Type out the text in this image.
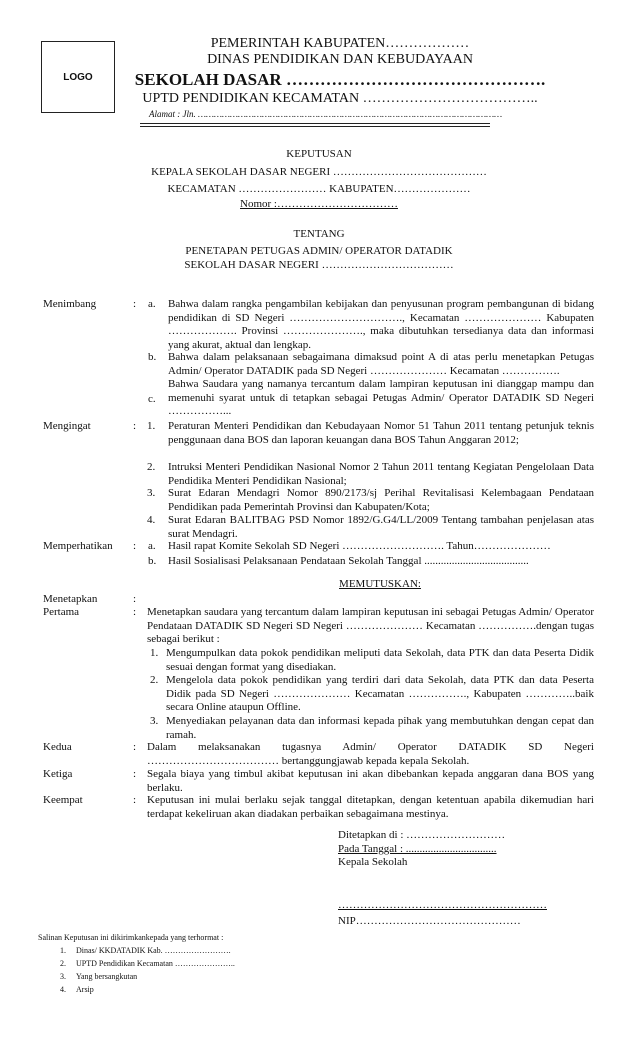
LOGO
PEMERINTAH KABUPATEN………………
DINAS PENDIDIKAN DAN KEBUDAYAAN
SEKOLAH DASAR ……………………………………….
UPTD PENDIDIKAN KECAMATAN ………………………………..
Alamat : Jln. ……………………………………………………………………………………………………
KEPUTUSAN
KEPALA SEKOLAH DASAR NEGERI ……………………………………
KECAMATAN …………………… KABUPATEN…………………
Nomor :……………………………
TENTANG
PENETAPAN PETUGAS ADMIN/ OPERATOR DATADIK
SEKOLAH DASAR NEGERI ………………………………
Menimbang	: a. Bahwa dalam rangka pengambilan kebijakan dan penyusunan program pembangunan di bidang pendidikan di SD Negeri …………………………., Kecamatan ………………… Kabupaten ………………. Provinsi …………………., maka dibutuhkan tersedianya data dan informasi yang akurat, aktual dan lengkap.
b. Bahwa dalam pelaksanaan sebagaimana dimaksud point A di atas perlu menetapkan Petugas Admin/ Operator DATADIK pada SD Negeri ………………… Kecamatan …………….
c.
Bahwa Saudara yang namanya tercantum dalam lampiran keputusan ini dianggap mampu dan memenuhi syarat untuk di tetapkan sebagai Petugas Admin/ Operator DATADIK SD Negeri ……………...
Mengingat	: 1. Peraturan Menteri Pendidikan dan Kebudayaan Nomor 51 Tahun 2011 tentang petunjuk teknis penggunaan dana BOS dan laporan keuangan dana BOS Tahun Anggaran 2012;
2. Intruksi Menteri Pendidikan Nasional Nomor 2 Tahun 2011 tentang Kegiatan Pengelolaan Data Pendidika Menteri Pendidikan Nasional;
3. Surat Edaran Mendagri Nomor 890/2173/sj Perihal Revitalisasi Kelembagaan Pendataan Pendidikan pada Pemerintah Provinsi dan Kabupaten/Kota;
4. Surat Edaran BALITBAG PSD Nomor 1892/G.G4/LL/2009 Tentang tambahan penjelasan atas surat Mendagri.
Memperhatikan : a. Hasil rapat Komite Sekolah SD Negeri ………………………. Tahun…………………
b. Hasil Sosialisasi Pelaksanaan Pendataan Sekolah Tanggal ......................................
MEMUTUSKAN:
Menetapkan	:
Pertama	: Menetapkan saudara yang tercantum dalam lampiran keputusan ini sebagai Petugas Admin/ Operator Pendataan DATADIK SD Negeri SD Negeri ………………… Kecamatan …………….dengan tugas sebagai berikut :
1. Mengumpulkan data pokok pendidikan meliputi data Sekolah, data PTK dan data Peserta Didik sesuai dengan format yang disediakan.
2. Mengelola data pokok pendidikan yang terdiri dari data Sekolah, data PTK dan data Peserta Didik pada SD Negeri ………………… Kecamatan ……………., Kabupaten …………..baik secara Online ataupun Offline.
3. Menyediakan pelayanan data dan informasi kepada pihak yang membutuhkan dengan cepat dan ramah.
Kedua	: Dalam melaksanakan tugasnya Admin/ Operator DATADIK SD Negeri ……………………………… bertanggungjawab kepada kepala Sekolah.
Ketiga	: Segala biaya yang timbul akibat keputusan ini akan dibebankan kepada anggaran dana BOS yang berlaku.
Keempat	: Keputusan ini mulai berlaku sejak tanggal ditetapkan, dengan ketentuan apabila dikemudian hari terdapat kekeliruan akan diadakan perbaikan sebagaimana mestinya.
Ditetapkan di : ………………………
Pada Tanggal : .................................
Kepala Sekolah
…………………………………………………
NIP………………………………………
Salinan Keputusan ini dikirimkankepada yang terhormat :
1. Dinas/ KKDATADIK Kab. …………………….
2. UPTD Pendidikan Kecamatan …………………..
3. Yang bersangkutan
4. Arsip
